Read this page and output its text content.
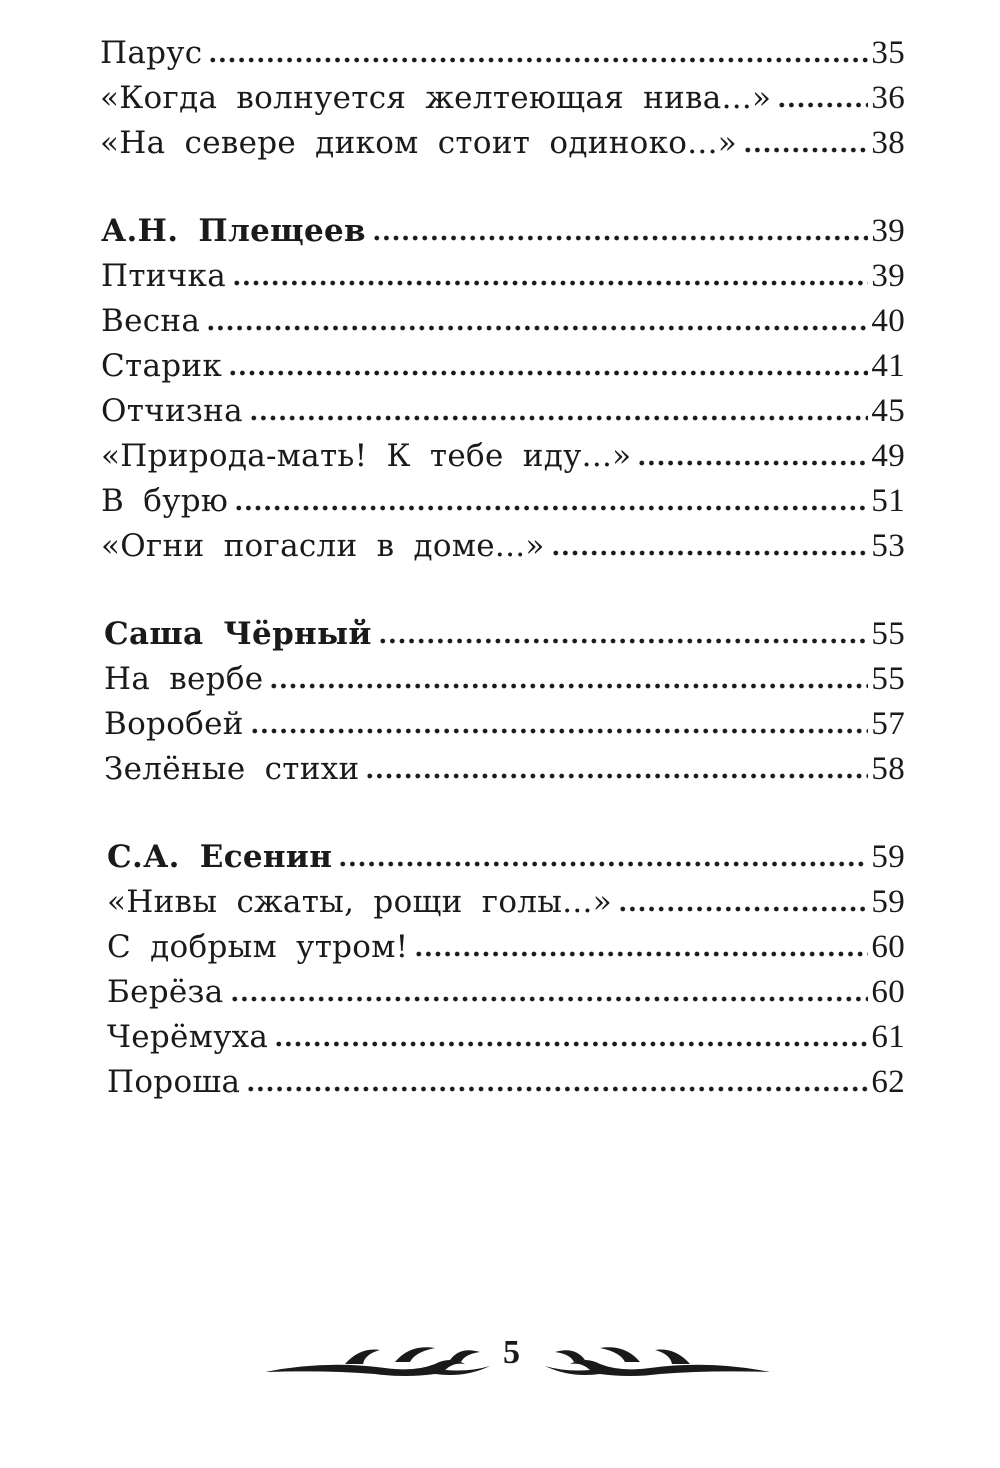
Парус	35
«Когда волнуется желтеющая нива...»	36
«На севере диком стоит одиноко...»	38
А.Н. Плещеев	39
Птичка	39
Весна	40
Старик	41
Отчизна	45
«Природа-мать! К тебе иду...»	49
В бурю	51
«Огни погасли в доме...»	53
Саша Чёрный	55
На вербе	55
Воробей	57
Зелёные стихи	58
С.А. Есенин	59
«Нивы сжаты, рощи голы...»	59
С добрым утром!	60
Берёза	60
Черёмуха	61
Пороша	62
5
